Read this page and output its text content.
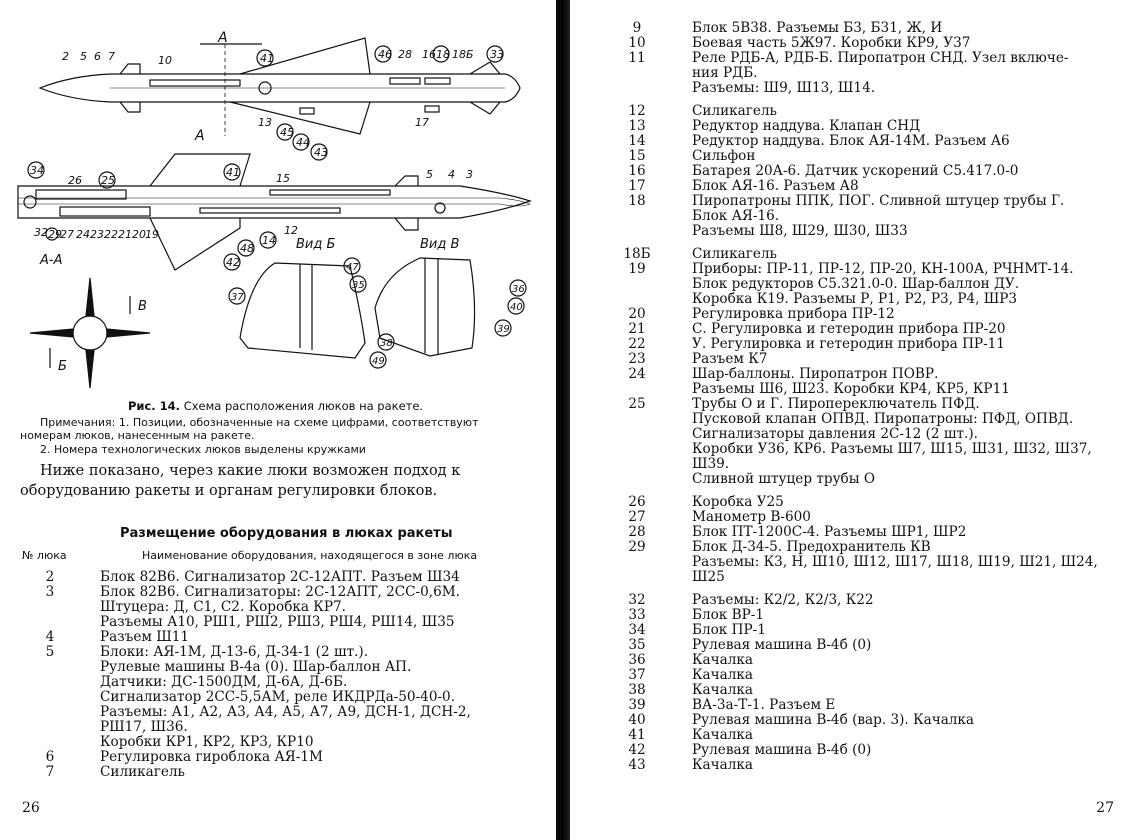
А
А
2 5 6 7	10	41	46 28 16 18 18Б 33
13
45
44
43
17
34
26 25
41	15	5 4 3
32 29
27 24 23 22 21 20 19	12
14
48
42
А-А
Вид Б	Вид В
47
35
37
38
49
36
40
39
В
Б
Рис. 14. Схема расположения люков на ракете.
Примечания: 1. Позиции, обозначенные на схеме цифрами, соответствуют номерам люков, нанесенным на ракете.
2. Номера технологических люков выделены кружками
Ниже показано, через какие люки возможен подход к оборудованию ракеты и органам регулировки блоков.
Размещение оборудования в люках ракеты
№ люка	Наименование оборудования, находящегося в зоне люка
2	Блок 82В6. Сигнализатор 2С-12АПТ. Разъем Ш34
3	Блок 82В6. Сигнализаторы: 2С-12АПТ, 2СС-0,6М.
Штуцера: Д, С1, С2. Коробка КР7.
Разъемы А10, РШ1, РШ2, РШ3, РШ4, РШ14, Ш35
4	Разъем Ш11
5	Блоки: АЯ-1М, Д-13-6, Д-34-1 (2 шт.).
Рулевые машины В-4а (0). Шар-баллон АП.
Датчики: ДС-1500ДМ, Д-6А, Д-6Б.
Сигнализатор 2СС-5,5АМ, реле ИКДРДа-50-40-0.
Разъемы: А1, А2, А3, А4, А5, А7, А9, ДСН-1, ДСН-2,
РШ17, Ш36.
Коробки КР1, КР2, КР3, КР10
6	Регулировка гироблока АЯ-1М
7	Силикагель
26
9	Блок 5В38. Разъемы Б3, Б31, Ж, И
10	Боевая часть 5Ж97. Коробки КР9, У37
11	Реле РДБ-А, РДБ-Б. Пиропатрон СНД. Узел включе-
ния РДБ.
Разъемы: Ш9, Ш13, Ш14.
12	Силикагель
13	Редуктор наддува. Клапан СНД
14	Редуктор наддува. Блок АЯ-14М. Разъем А6
15	Сильфон
16	Батарея 20А-6. Датчик ускорений С5.417.0-0
17	Блок АЯ-16. Разъем А8
18	Пиропатроны ППК, ПОГ. Сливной штуцер трубы Г.
Блок АЯ-16.
Разъемы Ш8, Ш29, Ш30, Ш33
18Б	Силикагель
19	Приборы: ПР-11, ПР-12, ПР-20, КН-100А, РЧНМТ-14.
Блок редукторов С5.321.0-0. Шар-баллон ДУ.
Коробка К19. Разъемы Р, Р1, Р2, Р3, Р4, ШР3
20	Регулировка прибора ПР-12
21	С. Регулировка и гетеродин прибора ПР-20
22	У. Регулировка и гетеродин прибора ПР-11
23	Разъем К7
24	Шар-баллоны. Пиропатрон ПОВР.
Разъемы Ш6, Ш23. Коробки КР4, КР5, КР11
25	Трубы О и Г. Пиропереключатель ПФД.
Пусковой клапан ОПВД. Пиропатроны: ПФД, ОПВД.
Сигнализаторы давления 2С-12 (2 шт.).
Коробки У36, КР6. Разъемы Ш7, Ш15, Ш31, Ш32, Ш37,
Ш39.
Сливной штуцер трубы О
26	Коробка У25
27	Манометр В-600
28	Блок ПТ-1200С-4. Разъемы ШР1, ШР2
29	Блок Д-34-5. Предохранитель КВ
Разъемы: К3, Н, Ш10, Ш12, Ш17, Ш18, Ш19, Ш21, Ш24,
Ш25
32	Разъемы: К2/2, К2/3, К22
33	Блок ВР-1
34	Блок ПР-1
35	Рулевая машина В-4б (0)
36	Качалка
37	Качалка
38	Качалка
39	ВА-3а-Т-1. Разъем Е
40	Рулевая машина В-4б (вар. 3). Качалка
41	Качалка
42	Рулевая машина В-4б (0)
43	Качалка
27
